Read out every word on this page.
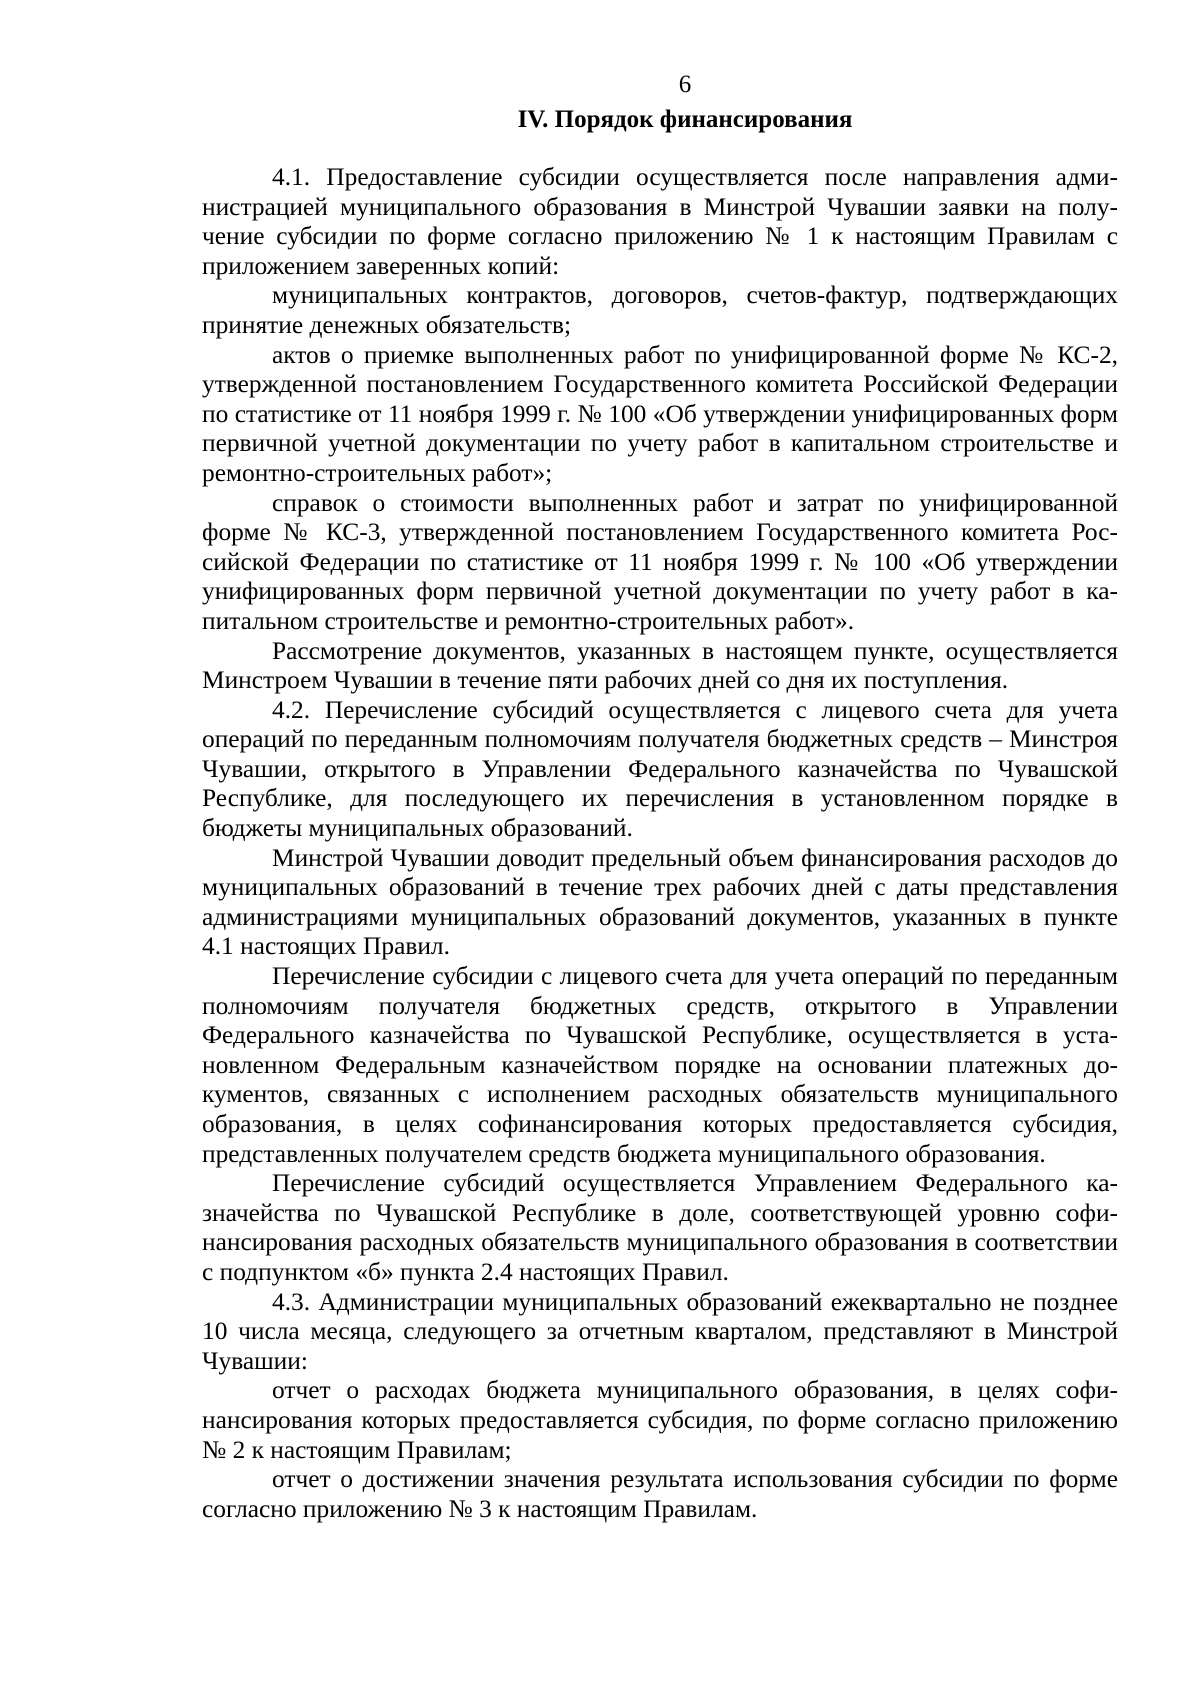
6

IV. Порядок финансирования

4.1. Предоставление субсидии осуществляется после направления администрацией муниципального образования в Минстрой Чувашии заявки на получение субсидии по форме согласно приложению № 1 к настоящим Правилам с приложением заверенных копий:

муниципальных контрактов, договоров, счетов-фактур, подтверждающих принятие денежных обязательств;

актов о приемке выполненных работ по унифицированной форме № КС-2, утвержденной постановлением Государственного комитета Российской Федерации по статистике от 11 ноября 1999 г. № 100 «Об утверждении унифицированных форм первичной учетной документации по учету работ в капитальном строительстве и ремонтно-строительных работ»;

справок о стоимости выполненных работ и затрат по унифицированной форме № КС-3, утвержденной постановлением Государственного комитета Российской Федерации по статистике от 11 ноября 1999 г. № 100 «Об утверждении унифицированных форм первичной учетной документации по учету работ в капитальном строительстве и ремонтно-строительных работ».

Рассмотрение документов, указанных в настоящем пункте, осуществляется Минстроем Чувашии в течение пяти рабочих дней со дня их поступления.

4.2. Перечисление субсидий осуществляется с лицевого счета для учета операций по переданным полномочиям получателя бюджетных средств – Минстроя Чувашии, открытого в Управлении Федерального казначейства по Чувашской Республике, для последующего их перечисления в установленном порядке в бюджеты муниципальных образований.

Минстрой Чувашии доводит предельный объем финансирования расходов до муниципальных образований в течение трех рабочих дней с даты представления администрациями муниципальных образований документов, указанных в пункте 4.1 настоящих Правил.

Перечисление субсидии с лицевого счета для учета операций по переданным полномочиям получателя бюджетных средств, открытого в Управлении Федерального казначейства по Чувашской Республике, осуществляется в установленном Федеральным казначейством порядке на основании платежных документов, связанных с исполнением расходных обязательств муниципального образования, в целях софинансирования которых предоставляется субсидия, представленных получателем средств бюджета муниципального образования.

Перечисление субсидий осуществляется Управлением Федерального казначейства по Чувашской Республике в доле, соответствующей уровню софинансирования расходных обязательств муниципального образования в соответствии с подпунктом «б» пункта 2.4 настоящих Правил.

4.3. Администрации муниципальных образований ежеквартально не позднее 10 числа месяца, следующего за отчетным кварталом, представляют в Минстрой Чувашии:

отчет о расходах бюджета муниципального образования, в целях софинансирования которых предоставляется субсидия, по форме согласно приложению № 2 к настоящим Правилам;

отчет о достижении значения результата использования субсидии по форме согласно приложению № 3 к настоящим Правилам.
